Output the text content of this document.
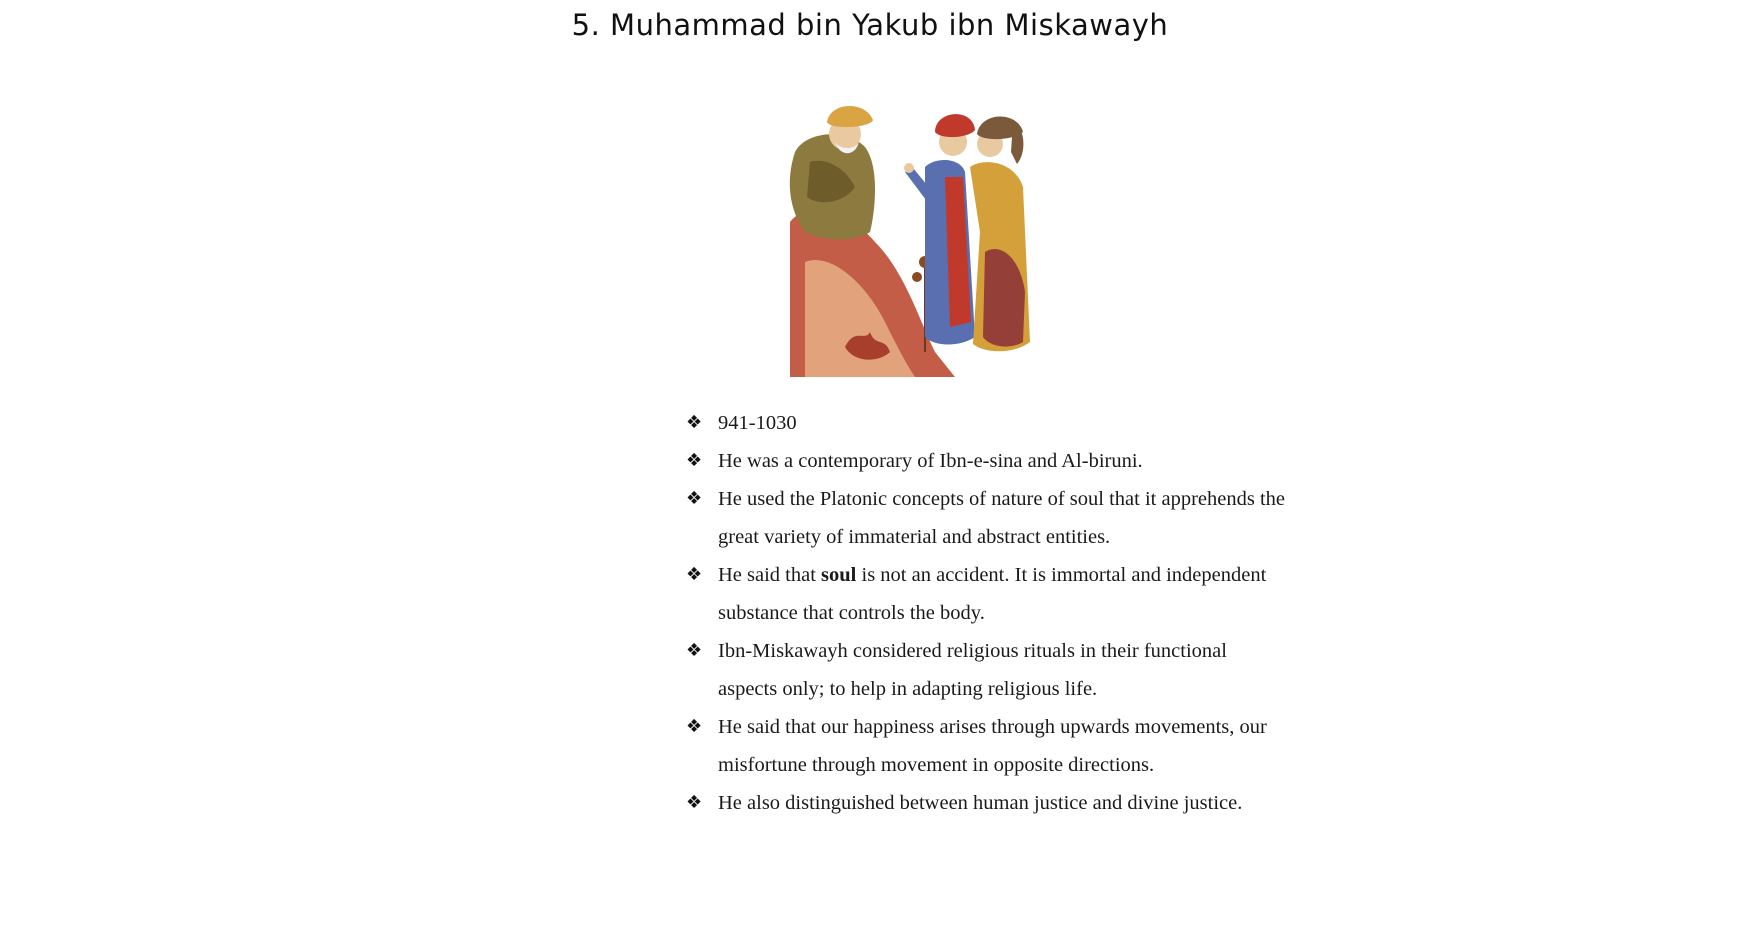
5. Muhammad bin Yakub ibn Miskawayh
❖ 941-1030
❖ He was a contemporary of Ibn-e-sina and Al-biruni.
❖ He used the Platonic concepts of nature of soul that it apprehends the great variety of immaterial and abstract entities.
❖ He said that soul is not an accident. It is immortal and independent substance that controls the body.
❖ Ibn-Miskawayh considered religious rituals in their functional aspects only; to help in adapting religious life.
❖ He said that our happiness arises through upwards movements, our misfortune through movement in opposite directions.
❖ He also distinguished between human justice and divine justice.
